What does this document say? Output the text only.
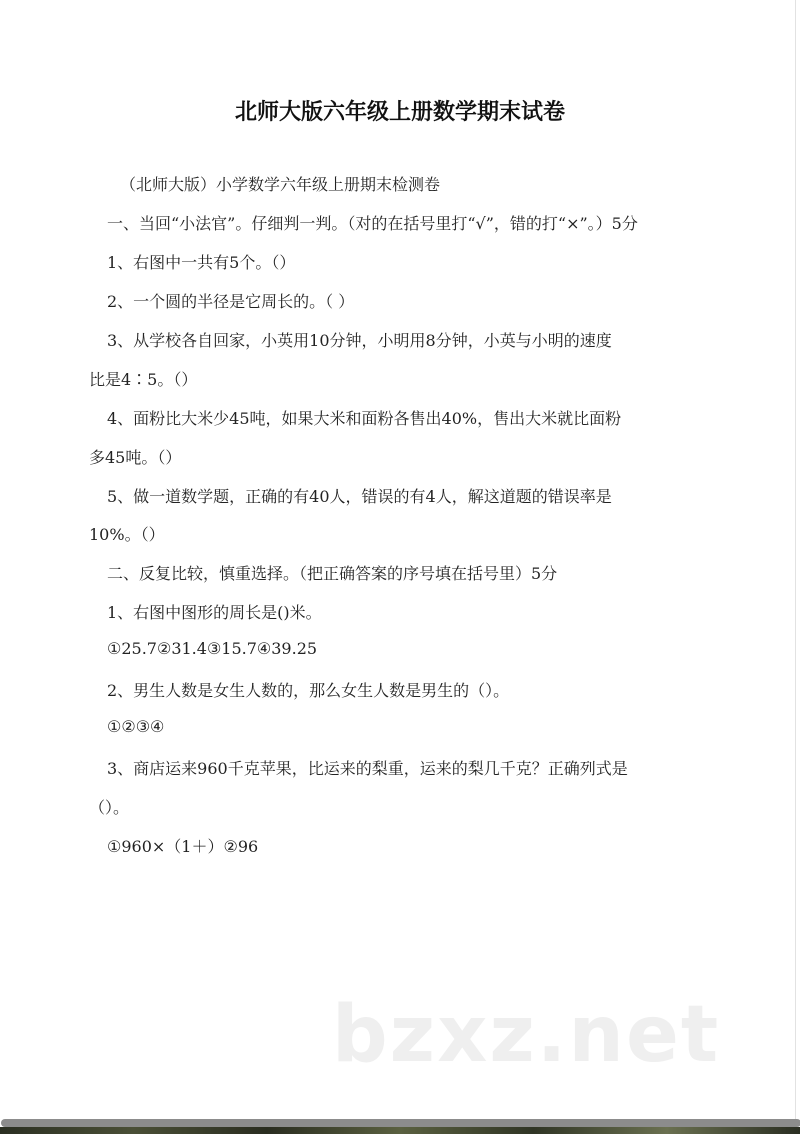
北师大版六年级上册数学期末试卷
（北师大版）小学数学六年级上册期末检测卷
一、当回“小法官”。仔细判一判。（对的在括号里打“√”，错的打“×”。）5分
1、右图中一共有5个。（）
2、一个圆的半径是它周长的。（ ）
3、从学校各自回家，小英用10分钟，小明用8分钟，小英与小明的速度
比是4∶5。（）
4、面粉比大米少45吨，如果大米和面粉各售出40%，售出大米就比面粉
多45吨。（）
5、做一道数学题，正确的有40人，错误的有4人，解这道题的错误率是
10%。（）
二、反复比较，慎重选择。（把正确答案的序号填在括号里）5分
1、右图中图形的周长是()米。
①25.7②31.4③15.7④39.25
2、男生人数是女生人数的，那么女生人数是男生的（）。
①②③④
3、商店运来960千克苹果，比运来的梨重，运来的梨几千克？正确列式是
（）。
①960×（1＋）②96
bzxz.net
